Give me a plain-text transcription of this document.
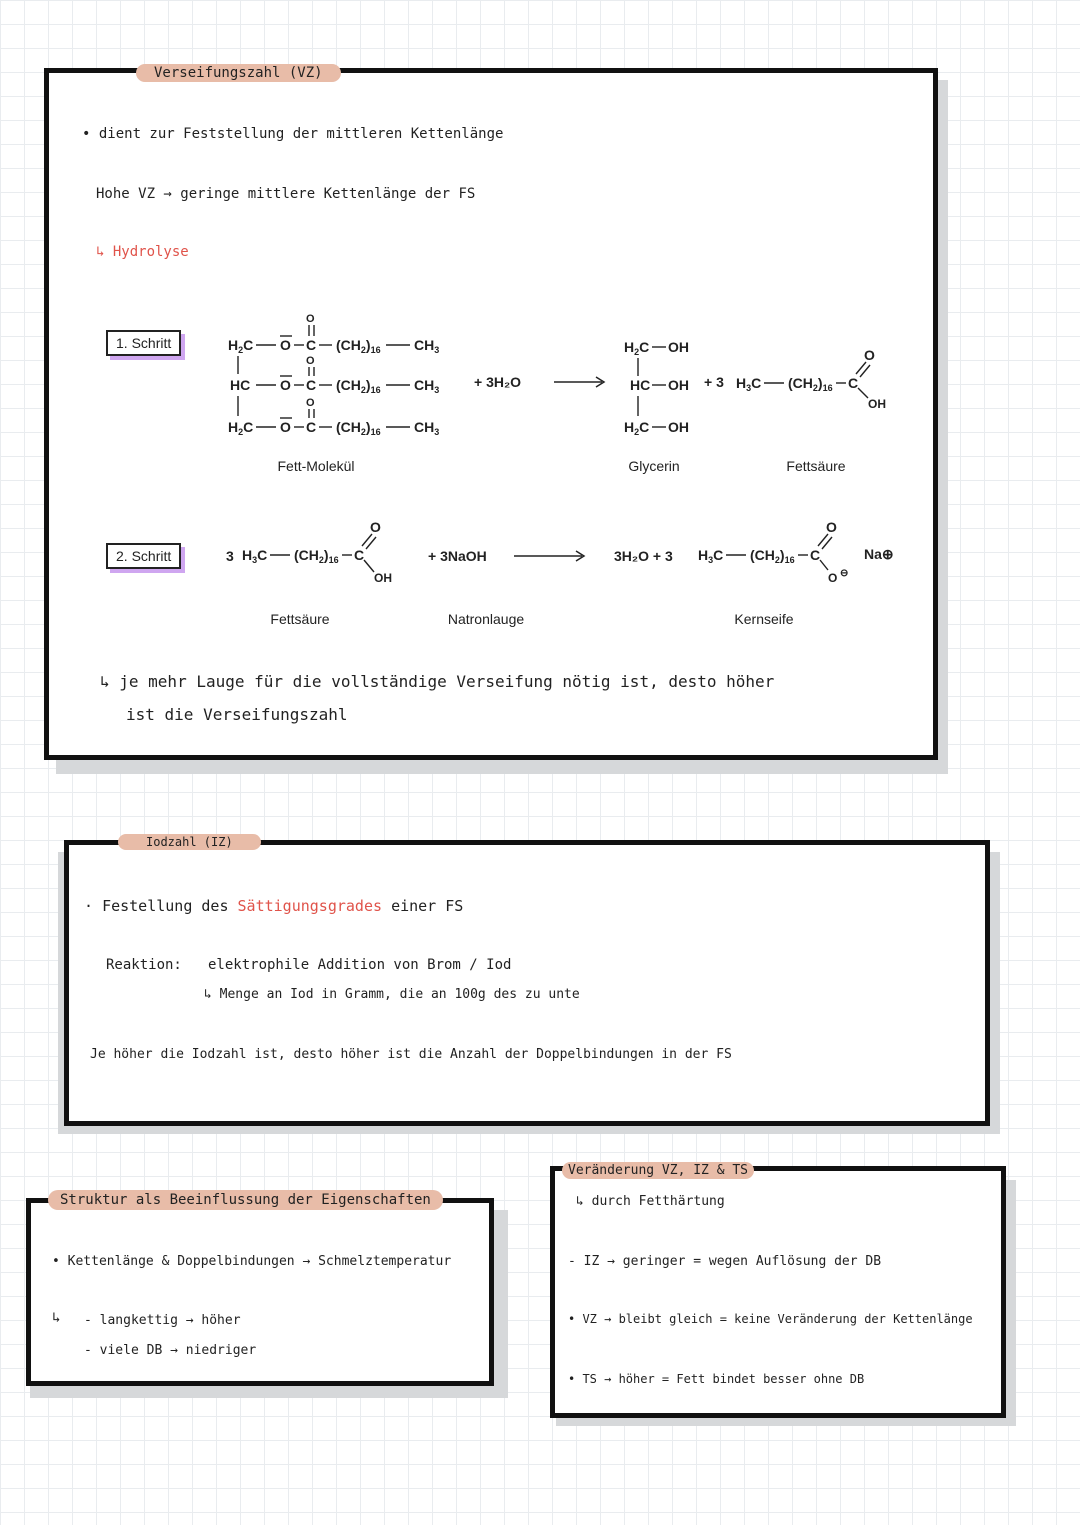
Verseifungszahl (VZ)
• dient zur Feststellung der mittleren Kettenlänge
Hohe VZ → geringe mittlere Kettenlänge der FS
↳ Hydrolyse
1. Schritt	$H_2C$
HC
$H_2C$
O
O
O
C
C
C
O
O
O
$(CH_2)_{16}$
$(CH_2)_{16}$
$(CH_2)_{16}$
$CH_3$
$CH_3$
$CH_3$
+ 3H₂O
$H_2C$
HC
$H_2C$
OH
OH
OH
+ 3 $H_3C$ $(CH_2)_{16}$ C
O
OH
Fett-Molekül	Glycerin	Fettsäure
2. Schritt	3 $H_3C$ $(CH_2)_{16}$ C
O
OH
+ 3NaOH	3H₂O + 3 $H_3C$ $(CH_2)_{16}$ C
O
O ⊖
Na⊕
Fettsäure	Natronlauge	Kernseife
↳ je mehr Lauge für die vollständige Verseifung nötig ist, desto höher
ist die Verseifungszahl
Iodzahl (IZ)
· Festellung des Sättigungsgrades einer FS
Reaktion: elektrophile Addition von Brom / Iod
↳ Menge an Iod in Gramm, die an 100g des zu unte
Je höher die Iodzahl ist, desto höher ist die Anzahl der Doppelbindungen in der FS
Struktur als Beeinflussung der Eigenschaften
• Kettenlänge & Doppelbindungen → Schmelztemperatur
↳ - langkettig → höher
- viele DB → niedriger
Veränderung VZ, IZ & TS
↳ durch Fetthärtung
- IZ → geringer = wegen Auflösung der DB
• VZ → bleibt gleich = keine Veränderung der Kettenlänge
• TS → höher = Fett bindet besser ohne DB
